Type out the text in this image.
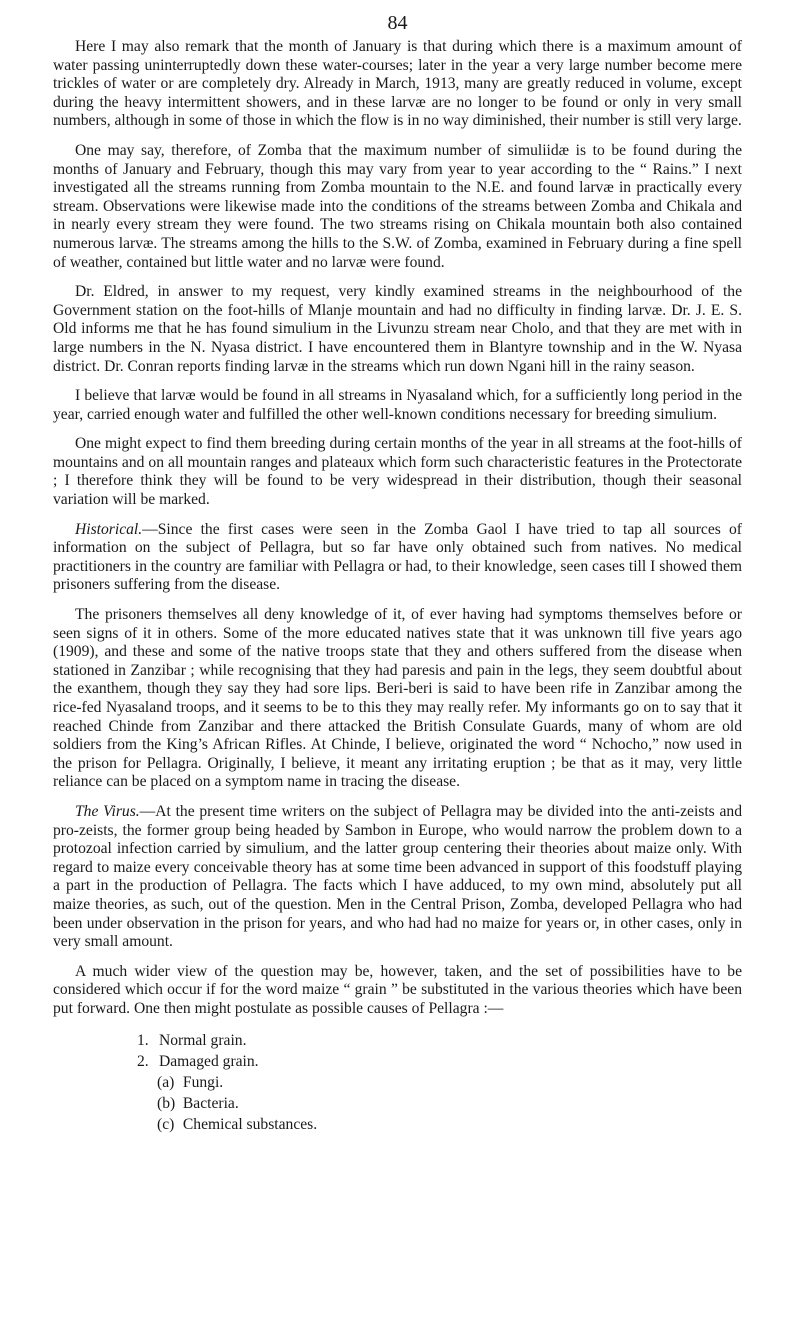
84

Here I may also remark that the month of January is that during which there is a maximum amount of water passing uninterruptedly down these water-courses; later in the year a very large number become mere trickles of water or are completely dry. Already in March, 1913, many are greatly reduced in volume, except during the heavy intermittent showers, and in these larvæ are no longer to be found or only in very small numbers, although in some of those in which the flow is in no way diminished, their number is still very large.

One may say, therefore, of Zomba that the maximum number of simuliidæ is to be found during the months of January and February, though this may vary from year to year according to the “ Rains.” I next investigated all the streams running from Zomba mountain to the N.E. and found larvæ in practically every stream. Observations were likewise made into the conditions of the streams between Zomba and Chikala and in nearly every stream they were found. The two streams rising on Chikala mountain both also contained numerous larvæ. The streams among the hills to the S.W. of Zomba, examined in February during a fine spell of weather, contained but little water and no larvæ were found.

Dr. Eldred, in answer to my request, very kindly examined streams in the neighbourhood of the Government station on the foot-hills of Mlanje mountain and had no difficulty in finding larvæ. Dr. J. E. S. Old informs me that he has found simulium in the Livunzu stream near Cholo, and that they are met with in large numbers in the N. Nyasa district. I have encountered them in Blantyre township and in the W. Nyasa district. Dr. Conran reports finding larvæ in the streams which run down Ngani hill in the rainy season.

I believe that larvæ would be found in all streams in Nyasaland which, for a sufficiently long period in the year, carried enough water and fulfilled the other well-known conditions necessary for breeding simulium.

One might expect to find them breeding during certain months of the year in all streams at the foot-hills of mountains and on all mountain ranges and plateaux which form such characteristic features in the Protectorate ; I therefore think they will be found to be very widespread in their distribution, though their seasonal variation will be marked.

Historical.—Since the first cases were seen in the Zomba Gaol I have tried to tap all sources of information on the subject of Pellagra, but so far have only obtained such from natives. No medical practitioners in the country are familiar with Pellagra or had, to their knowledge, seen cases till I showed them prisoners suffering from the disease.

The prisoners themselves all deny knowledge of it, of ever having had symptoms themselves before or seen signs of it in others. Some of the more educated natives state that it was unknown till five years ago (1909), and these and some of the native troops state that they and others suffered from the disease when stationed in Zanzibar ; while recognising that they had paresis and pain in the legs, they seem doubtful about the exanthem, though they say they had sore lips. Beri-beri is said to have been rife in Zanzibar among the rice-fed Nyasaland troops, and it seems to be to this they may really refer. My informants go on to say that it reached Chinde from Zanzibar and there attacked the British Consulate Guards, many of whom are old soldiers from the King’s African Rifles. At Chinde, I believe, originated the word “ Nchocho,” now used in the prison for Pellagra. Originally, I believe, it meant any irritating eruption ; be that as it may, very little reliance can be placed on a symptom name in tracing the disease.

The Virus.—At the present time writers on the subject of Pellagra may be divided into the anti-zeists and pro-zeists, the former group being headed by Sambon in Europe, who would narrow the problem down to a protozoal infection carried by simulium, and the latter group centering their theories about maize only. With regard to maize every conceivable theory has at some time been advanced in support of this foodstuff playing a part in the production of Pellagra. The facts which I have adduced, to my own mind, absolutely put all maize theories, as such, out of the question. Men in the Central Prison, Zomba, developed Pellagra who had been under observation in the prison for years, and who had had no maize for years or, in other cases, only in very small amount.

A much wider view of the question may be, however, taken, and the set of possibilities have to be considered which occur if for the word maize “ grain ” be substituted in the various theories which have been put forward. One then might postulate as possible causes of Pellagra :—

1. Normal grain.
2. Damaged grain.
(a) Fungi.
(b) Bacteria.
(c) Chemical substances.
